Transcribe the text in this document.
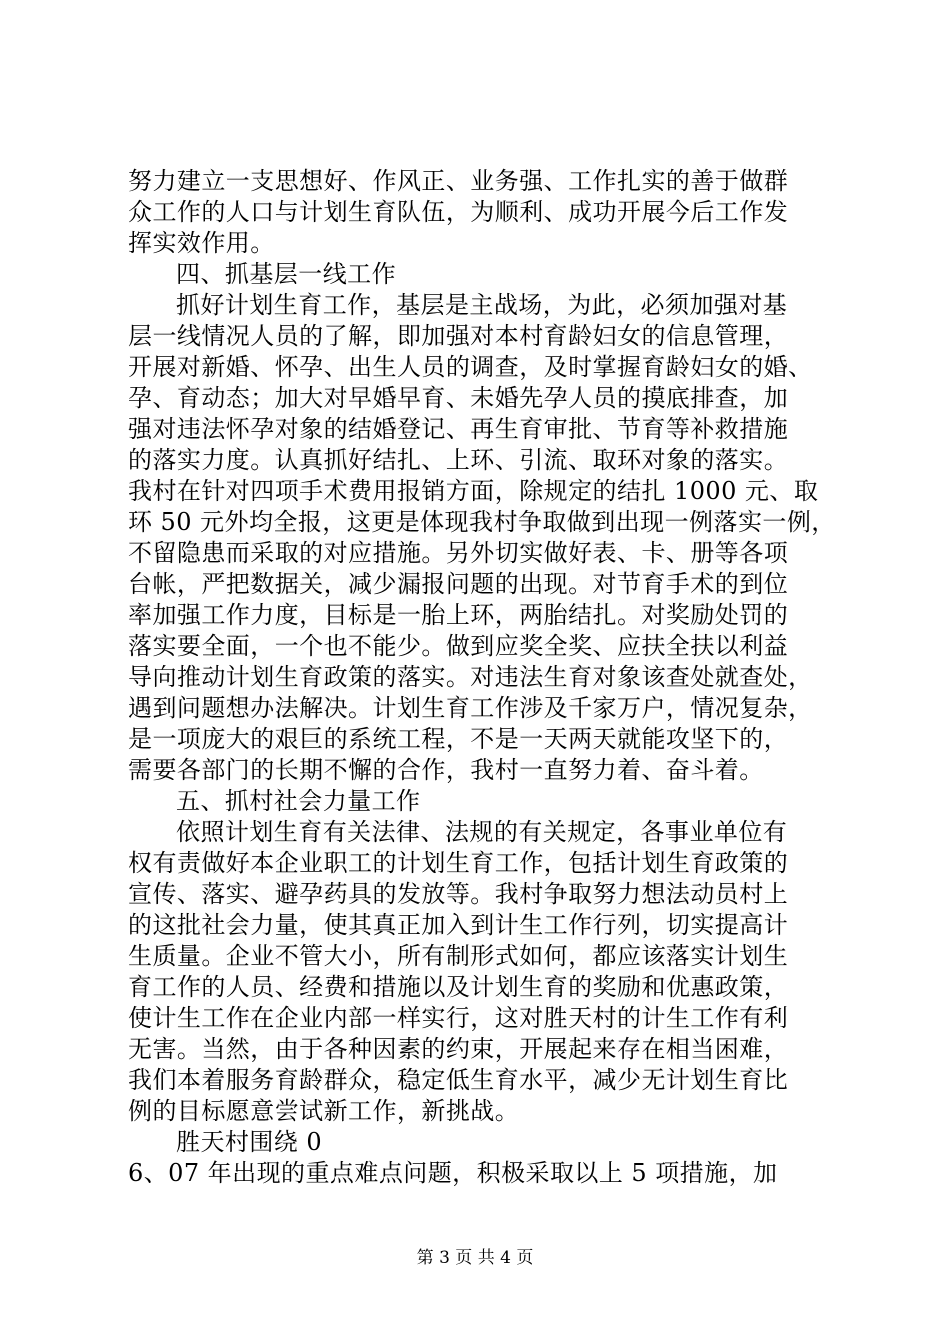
努力建立一支思想好、作风正、业务强、工作扎实的善于做群
众工作的人口与计划生育队伍，为顺利、成功开展今后工作发
挥实效作用。
四、抓基层一线工作
抓好计划生育工作，基层是主战场，为此，必须加强对基
层一线情况人员的了解，即加强对本村育龄妇女的信息管理，
开展对新婚、怀孕、出生人员的调查，及时掌握育龄妇女的婚、
孕、育动态；加大对早婚早育、未婚先孕人员的摸底排查，加
强对违法怀孕对象的结婚登记、再生育审批、节育等补救措施
的落实力度。认真抓好结扎、上环、引流、取环对象的落实。
我村在针对四项手术费用报销方面，除规定的结扎 1000 元、取
环 50 元外均全报，这更是体现我村争取做到出现一例落实一例，
不留隐患而采取的对应措施。另外切实做好表、卡、册等各项
台帐，严把数据关，减少漏报问题的出现。对节育手术的到位
率加强工作力度，目标是一胎上环，两胎结扎。对奖励处罚的
落实要全面，一个也不能少。做到应奖全奖、应扶全扶以利益
导向推动计划生育政策的落实。对违法生育对象该查处就查处，
遇到问题想办法解决。计划生育工作涉及千家万户，情况复杂，
是一项庞大的艰巨的系统工程，不是一天两天就能攻坚下的，
需要各部门的长期不懈的合作，我村一直努力着、奋斗着。
五、抓村社会力量工作
依照计划生育有关法律、法规的有关规定，各事业单位有
权有责做好本企业职工的计划生育工作，包括计划生育政策的
宣传、落实、避孕药具的发放等。我村争取努力想法动员村上
的这批社会力量，使其真正加入到计生工作行列，切实提高计
生质量。企业不管大小，所有制形式如何，都应该落实计划生
育工作的人员、经费和措施以及计划生育的奖励和优惠政策，
使计生工作在企业内部一样实行，这对胜天村的计生工作有利
无害。当然，由于各种因素的约束，开展起来存在相当困难，
我们本着服务育龄群众，稳定低生育水平，减少无计划生育比
例的目标愿意尝试新工作，新挑战。
胜天村围绕 0
6、07 年出现的重点难点问题，积极采取以上 5 项措施，加
第 3 页 共 4 页
